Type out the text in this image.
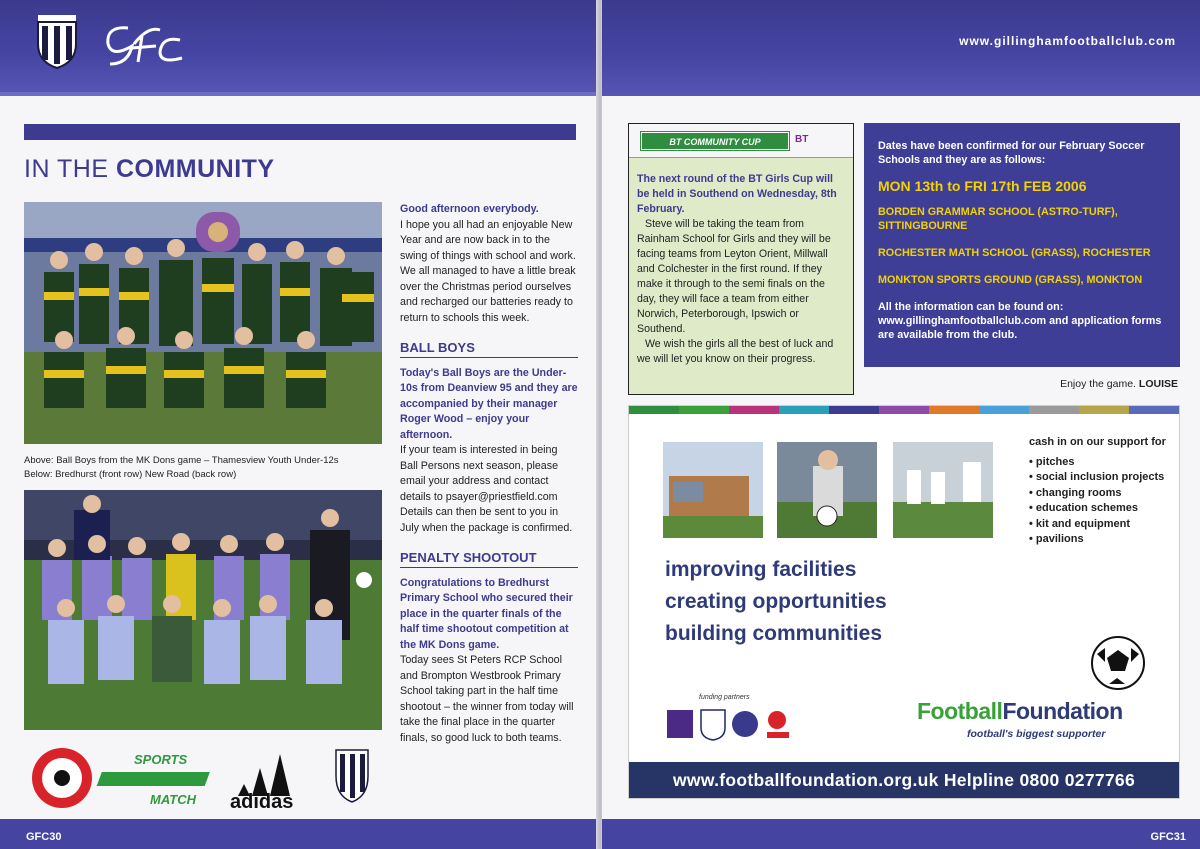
IN THE COMMUNITY
Above: Ball Boys from the MK Dons game – Thamesview Youth Under-12s
Below: Bredhurst (front row) New Road (back row)

Good afternoon everybody.

I hope you all had an enjoyable New Year and are now back in to the swing of things with school and work.

We all managed to have a little break over the Christmas period ourselves and recharged our batteries ready to return to schools this week.

BALL BOYS

Today's Ball Boys are the Under-10s from Deanview 95 and they are accompanied by their manager Roger Wood – enjoy your afternoon.

If your team is interested in being Ball Persons next season, please email your address and contact details to psayer@priestfield.com Details can then be sent to you in July when the package is confirmed.

PENALTY SHOOTOUT

Congratulations to Bredhurst Primary School who secured their place in the quarter finals of the half time shootout competition at the MK Dons game.

Today sees St Peters RCP School and Brompton Westbrook Primary School taking part in the half time shootout – the winner from today will take the final place in the quarter finals, so good luck to both teams.

SPORTS
MATCH adidas
GFC30
www.gillinghamfootballclub.com
BT COMMUNITY CUP	BT

The next round of the BT Girls Cup will be held in Southend on Wednesday, 8th February.

Steve will be taking the team from Rainham School for Girls and they will be facing teams from Leyton Orient, Millwall and Colchester in the first round. If they make it through to the semi finals on the day, they will face a team from either Norwich, Peterborough, Ipswich or Southend.

We wish the girls all the best of luck and we will let you know on their progress.

Dates have been confirmed for our February Soccer Schools and they are as follows:
MON 13th to FRI 17th FEB 2006
BORDEN GRAMMAR SCHOOL (ASTRO-TURF), SITTINGBOURNE
ROCHESTER MATH SCHOOL (GRASS), ROCHESTER
MONKTON SPORTS GROUND (GRASS), MONKTON
All the information can be found on: www.gillinghamfootballclub.com and application forms are available from the club.
Enjoy the game. LOUISE
improving facilities
creating opportunities
building communities
cash in on our support for
• pitches
• social inclusion projects
• changing rooms
• education schemes
• kit and equipment
• pavilions
funding partners
FootballFoundation
football's biggest supporter
www.footballfoundation.org.uk Helpline 0800 0277766
GFC31
